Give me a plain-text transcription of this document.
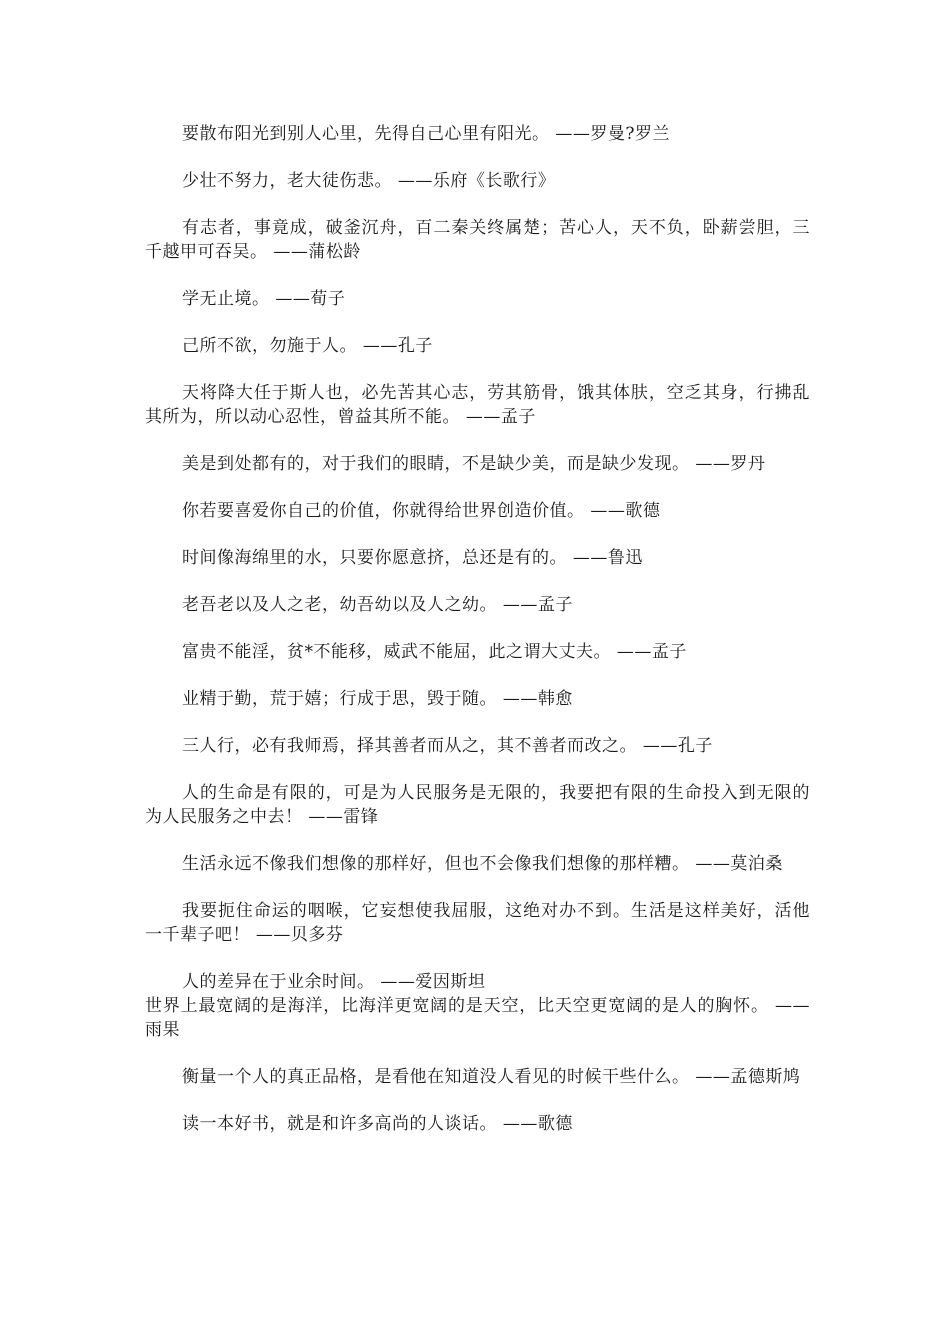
要散布阳光到别人心里，先得自己心里有阳光。 ——罗曼?罗兰

少壮不努力，老大徒伤悲。 ——乐府《长歌行》

有志者，事竟成，破釜沉舟，百二秦关终属楚；苦心人，天不负，卧薪尝胆，三千越甲可吞吴。 ——蒲松龄

学无止境。 ——荀子

己所不欲，勿施于人。 ——孔子

天将降大任于斯人也，必先苦其心志，劳其筋骨，饿其体肤，空乏其身，行拂乱其所为，所以动心忍性，曾益其所不能。 ——孟子

美是到处都有的，对于我们的眼睛，不是缺少美，而是缺少发现。 ——罗丹

你若要喜爱你自己的价值，你就得给世界创造价值。 ——歌德

时间像海绵里的水，只要你愿意挤，总还是有的。 ——鲁迅

老吾老以及人之老，幼吾幼以及人之幼。 ——孟子

富贵不能淫，贫*不能移，威武不能屈，此之谓大丈夫。 ——孟子

业精于勤，荒于嬉；行成于思，毁于随。 ——韩愈

三人行，必有我师焉，择其善者而从之，其不善者而改之。 ——孔子

人的生命是有限的，可是为人民服务是无限的，我要把有限的生命投入到无限的为人民服务之中去！ ——雷锋

生活永远不像我们想像的那样好，但也不会像我们想像的那样糟。 ——莫泊桑

我要扼住命运的咽喉，它妄想使我屈服，这绝对办不到。生活是这样美好，活他一千辈子吧！ ——贝多芬

人的差异在于业余时间。 ——爱因斯坦

世界上最宽阔的是海洋，比海洋更宽阔的是天空，比天空更宽阔的是人的胸怀。 ——雨果

衡量一个人的真正品格，是看他在知道没人看见的时候干些什么。 ——孟德斯鸠

读一本好书，就是和许多高尚的人谈话。 ——歌德
